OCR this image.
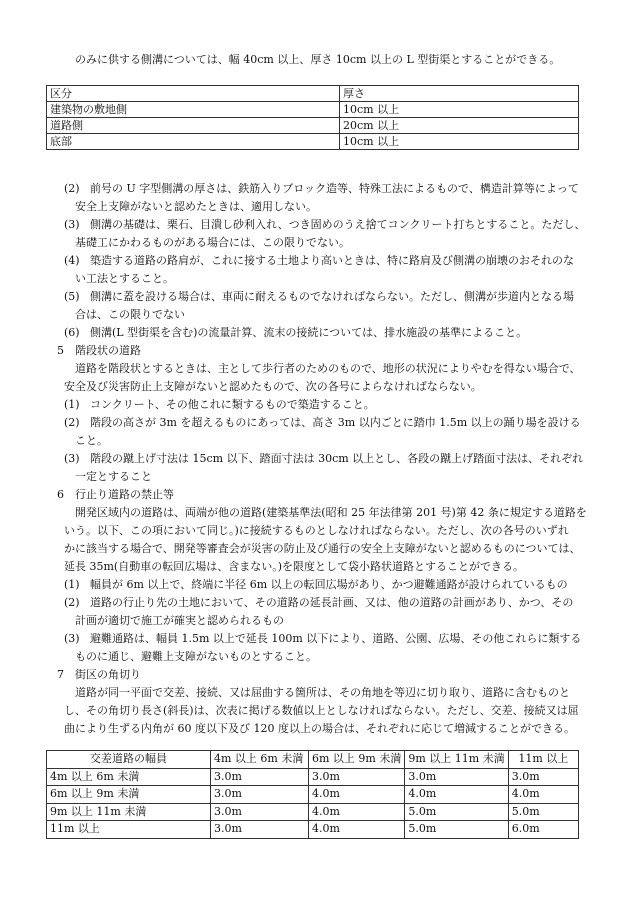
のみに供する側溝については、幅 40cm 以上、厚さ 10cm 以上の L 型街渠とすることができる。
区分	厚さ
建築物の敷地側	10cm 以上
道路側	20cm 以上
底部	10cm 以上
(2) 前号の U 字型側溝の厚さは、鉄筋入りブロック造等、特殊工法によるもので、構造計算等によって
安全上支障がないと認めたときは、適用しない。
(3) 側溝の基礎は、栗石、目潰し砂利入れ、つき固めのうえ捨てコンクリート打ちとすること。ただし、
基礎工にかわるものがある場合には、この限りでない。
(4) 築造する道路の路肩が、これに接する土地より高いときは、特に路肩及び側溝の崩壊のおそれのな
い工法とすること。
(5) 側溝に蓋を設ける場合は、車両に耐えるものでなければならない。ただし、側溝が歩道内となる場
合は、この限りでない
(6) 側溝(L 型街渠を含む)の流量計算、流末の接続については、排水施設の基準によること。
5 階段状の道路
道路を階段状とするときは、主として歩行者のためのもので、地形の状況によりやむを得ない場合で、
安全及び災害防止上支障がないと認めたもので、次の各号によらなければならない。
(1) コンクリート、その他これに類するもので築造すること。
(2) 階段の高さが 3m を超えるものにあっては、高さ 3m 以内ごとに踏巾 1.5m 以上の踊り場を設ける
こと。
(3) 階段の蹴上げ寸法は 15cm 以下、踏面寸法は 30cm 以上とし、各段の蹴上げ踏面寸法は、それぞれ
一定とすること
6 行止り道路の禁止等
開発区域内の道路は、両端が他の道路(建築基準法(昭和 25 年法律第 201 号)第 42 条に規定する道路を
いう。以下、この項において同じ。)に接続するものとしなければならない。ただし、次の各号のいずれ
かに該当する場合で、開発等審査会が災害の防止及び通行の安全上支障がないと認めるものについては、
延長 35m(自動車の転回広場は、含まない。)を限度として袋小路状道路とすることができる。
(1) 幅員が 6m 以上で、終端に半径 6m 以上の転回広場があり、かつ避難通路が設けられているもの
(2) 道路の行止り先の土地において、その道路の延長計画、又は、他の道路の計画があり、かつ、その
計画が適切で施工が確実と認められるもの
(3) 避難通路は、幅員 1.5m 以上で延長 100m 以下により、道路、公園、広場、その他これらに類する
ものに通じ、避難上支障がないものとすること。
7 街区の角切り
道路が同一平面で交差、接続、又は屈曲する箇所は、その角地を等辺に切り取り、道路に含むものと
し、その角切り長さ(斜長)は、次表に掲げる数値以上としなければならない。ただし、交差、接続又は屈
曲により生ずる内角が 60 度以下及び 120 度以上の場合は、それぞれに応じて増減することができる。
交差道路の幅員	4m 以上 6m 未満	6m 以上 9m 未満	9m 以上 11m 未満	11m 以上
4m 以上 6m 未満	3.0m	3.0m	3.0m	3.0m
6m 以上 9m 未満	3.0m	4.0m	4.0m	4.0m
9m 以上 11m 未満	3.0m	4.0m	5.0m	5.0m
11m 以上	3.0m	4.0m	5.0m	6.0m
